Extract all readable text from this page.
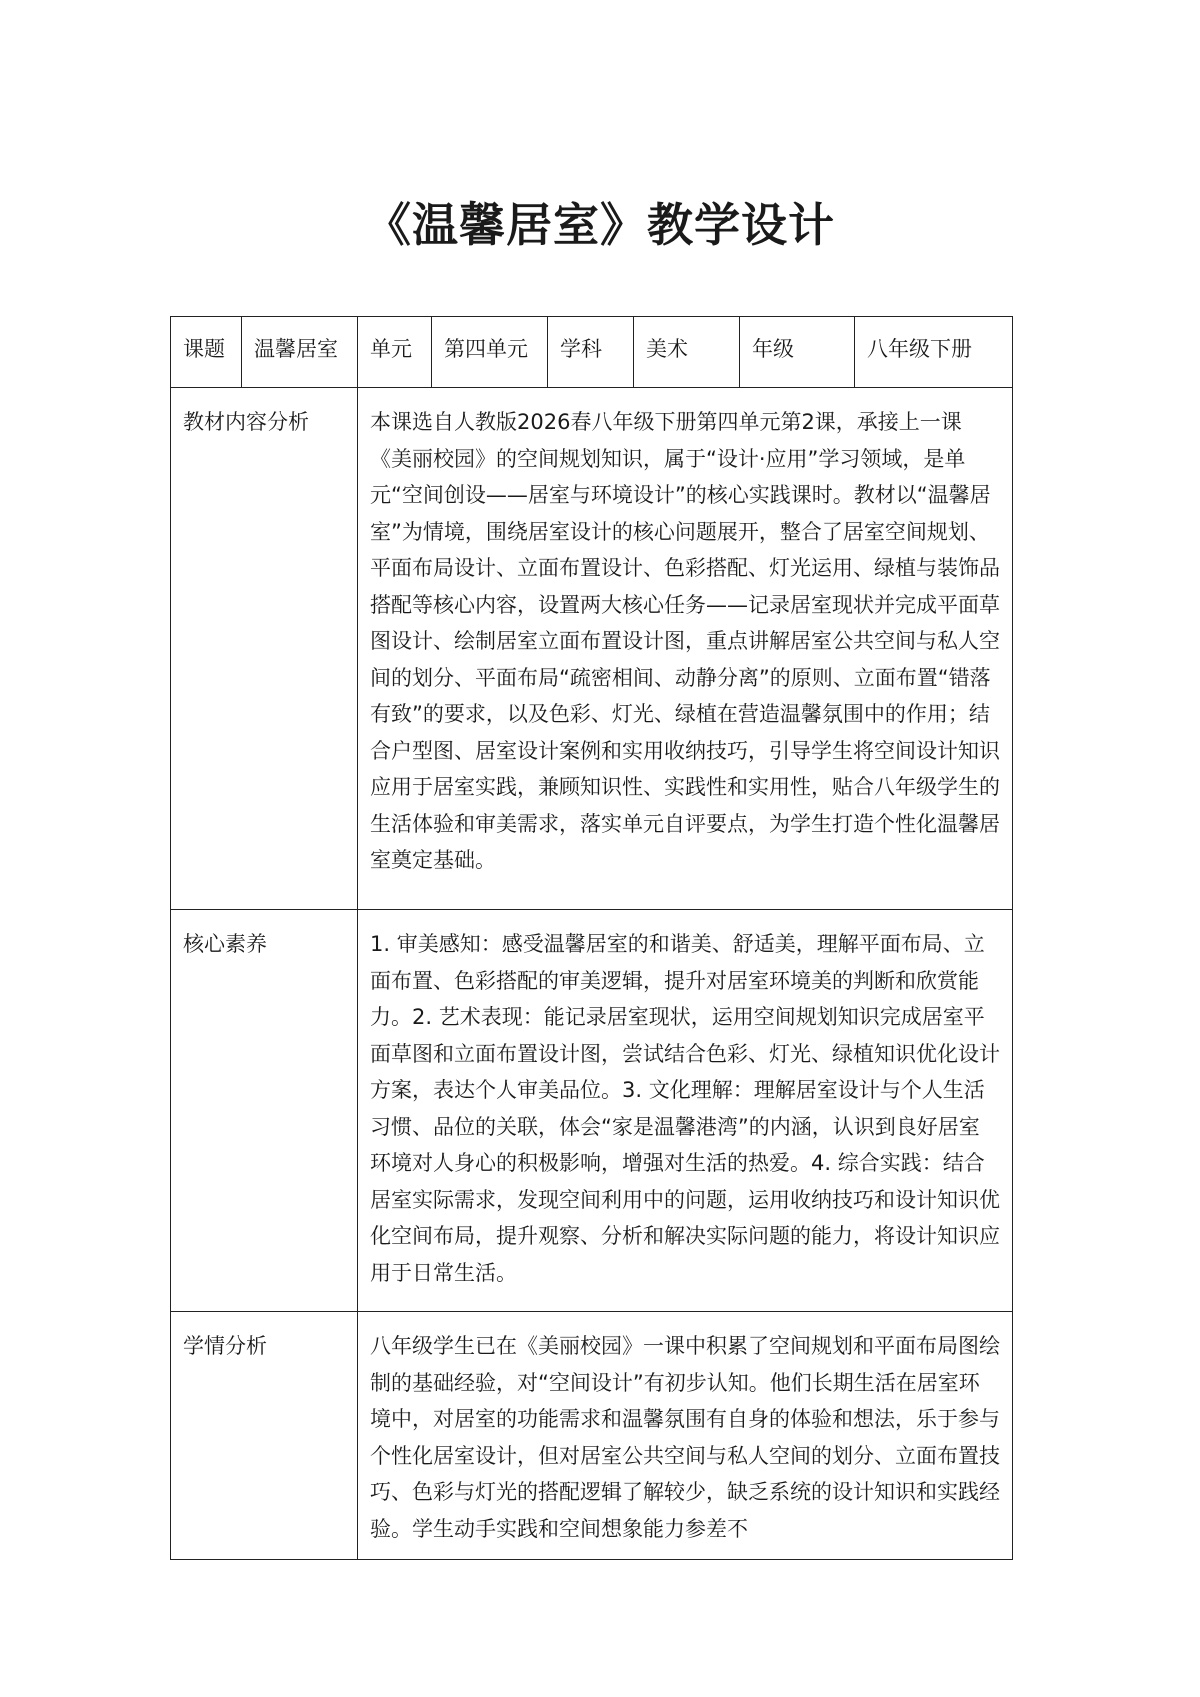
《温馨居室》教学设计
课题	温馨居室	单元	第四单元	学科	美术	年级	八年级下册
教材内容分析		本课选自人教版2026春八年级下册第四单元第2课，承接上一课《美丽校园》的空间规划知识，属于“设计·应用”学习领域，是单元“空间创设——居室与环境设计”的核心实践课时。教材以“温馨居室”为情境，围绕居室设计的核心问题展开，整合了居室空间规划、平面布局设计、立面布置设计、色彩搭配、灯光运用、绿植与装饰品搭配等核心内容，设置两大核心任务——记录居室现状并完成平面草图设计、绘制居室立面布置设计图，重点讲解居室公共空间与私人空间的划分、平面布局“疏密相间、动静分离”的原则、立面布置“错落有致”的要求，以及色彩、灯光、绿植在营造温馨氛围中的作用；结合户型图、居室设计案例和实用收纳技巧，引导学生将空间设计知识应用于居室实践，兼顾知识性、实践性和实用性，贴合八年级学生的生活体验和审美需求，落实单元自评要点，为学生打造个性化温馨居室奠定基础。					
核心素养		1. 审美感知：感受温馨居室的和谐美、舒适美，理解平面布局、立面布置、色彩搭配的审美逻辑，提升对居室环境美的判断和欣赏能力。2. 艺术表现：能记录居室现状，运用空间规划知识完成居室平面草图和立面布置设计图，尝试结合色彩、灯光、绿植知识优化设计方案，表达个人审美品位。3. 文化理解：理解居室设计与个人生活习惯、品位的关联，体会“家是温馨港湾”的内涵，认识到良好居室环境对人身心的积极影响，增强对生活的热爱。4. 综合实践：结合居室实际需求，发现空间利用中的问题，运用收纳技巧和设计知识优化空间布局，提升观察、分析和解决实际问题的能力，将设计知识应用于日常生活。					
学情分析		八年级学生已在《美丽校园》一课中积累了空间规划和平面布局图绘制的基础经验，对“空间设计”有初步认知。他们长期生活在居室环境中，对居室的功能需求和温馨氛围有自身的体验和想法，乐于参与个性化居室设计，但对居室公共空间与私人空间的划分、立面布置技巧、色彩与灯光的搭配逻辑了解较少，缺乏系统的设计知识和实践经验。学生动手实践和空间想象能力参差不					
